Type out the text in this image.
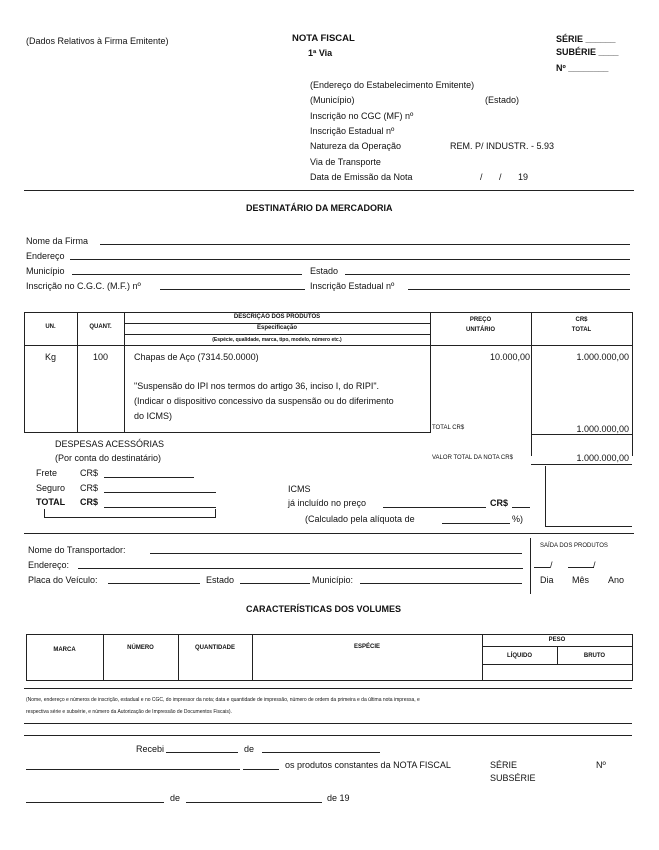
(Dados Relativos à Firma Emitente)	NOTA FISCAL
1ª Via
SÉRIE ______
SUBÉRIE ____
Nº ________
(Endereço do Estabelecimento Emitente)
(Município)	(Estado)
Inscrição no CGC (MF) nº
Inscrição Estadual nº
Natureza da Operação	REM. P/ INDUSTR. - 5.93
Via de Transporte
Data de Emissão da Nota	/ / 19
DESTINATÁRIO DA MERCADORIA
Nome da Firma
Endereço
Município	Estado
Inscrição no C.G.C. (M.F.) nº	Inscrição Estadual nº
UN.	QUANT.
DESCRIÇÃO DOS PRODUTOS
Especificação
(Espécie, qualidade, marca, tipo, modelo, número etc.)
PREÇO
UNITÁRIO
CR$
TOTAL
Kg	100	Chapas de Aço (7314.50.0000)	10.000,00	1.000.000,00
"Suspensão do IPI nos termos do artigo 36, inciso I, do RIPI".
(Indicar o dispositivo concessivo da suspensão ou do diferimento
do ICMS)
TOTAL CR$	1.000.000,00
DESPESAS ACESSÓRIAS
(Por conta do destinatário)	VALOR TOTAL DA NOTA CR$	1.000.000,00
Frete	CR$
Seguro CR$
TOTAL CR$
ICMS
já incluído no preço	CR$
(Calculado pela alíquota de	%)
Nome do Transportador:
Endereço:
Placa do Veículo:	Estado	Município:
SAÍDA DOS PRODUTOS
/	/
Dia Mês Ano
CARACTERÍSTICAS DOS VOLUMES
MARCA	NÚMERO	QUANTIDADE	ESPÉCIE
PESO
LÍQUIDO	BRUTO
(Nome, endereço e números de inscrição, estadual e no CGC, do impressor da nota; data e quantidade de impressão, número de ordem da primeira e da última nota impressa, e
respectiva série e subsérie, e número da Autorização de Impressão de Documentos Fiscais).
Recebi	de
os produtos constantes da NOTA FISCAL	SÉRIE	Nº
SUBSÉRIE
de	de 19
